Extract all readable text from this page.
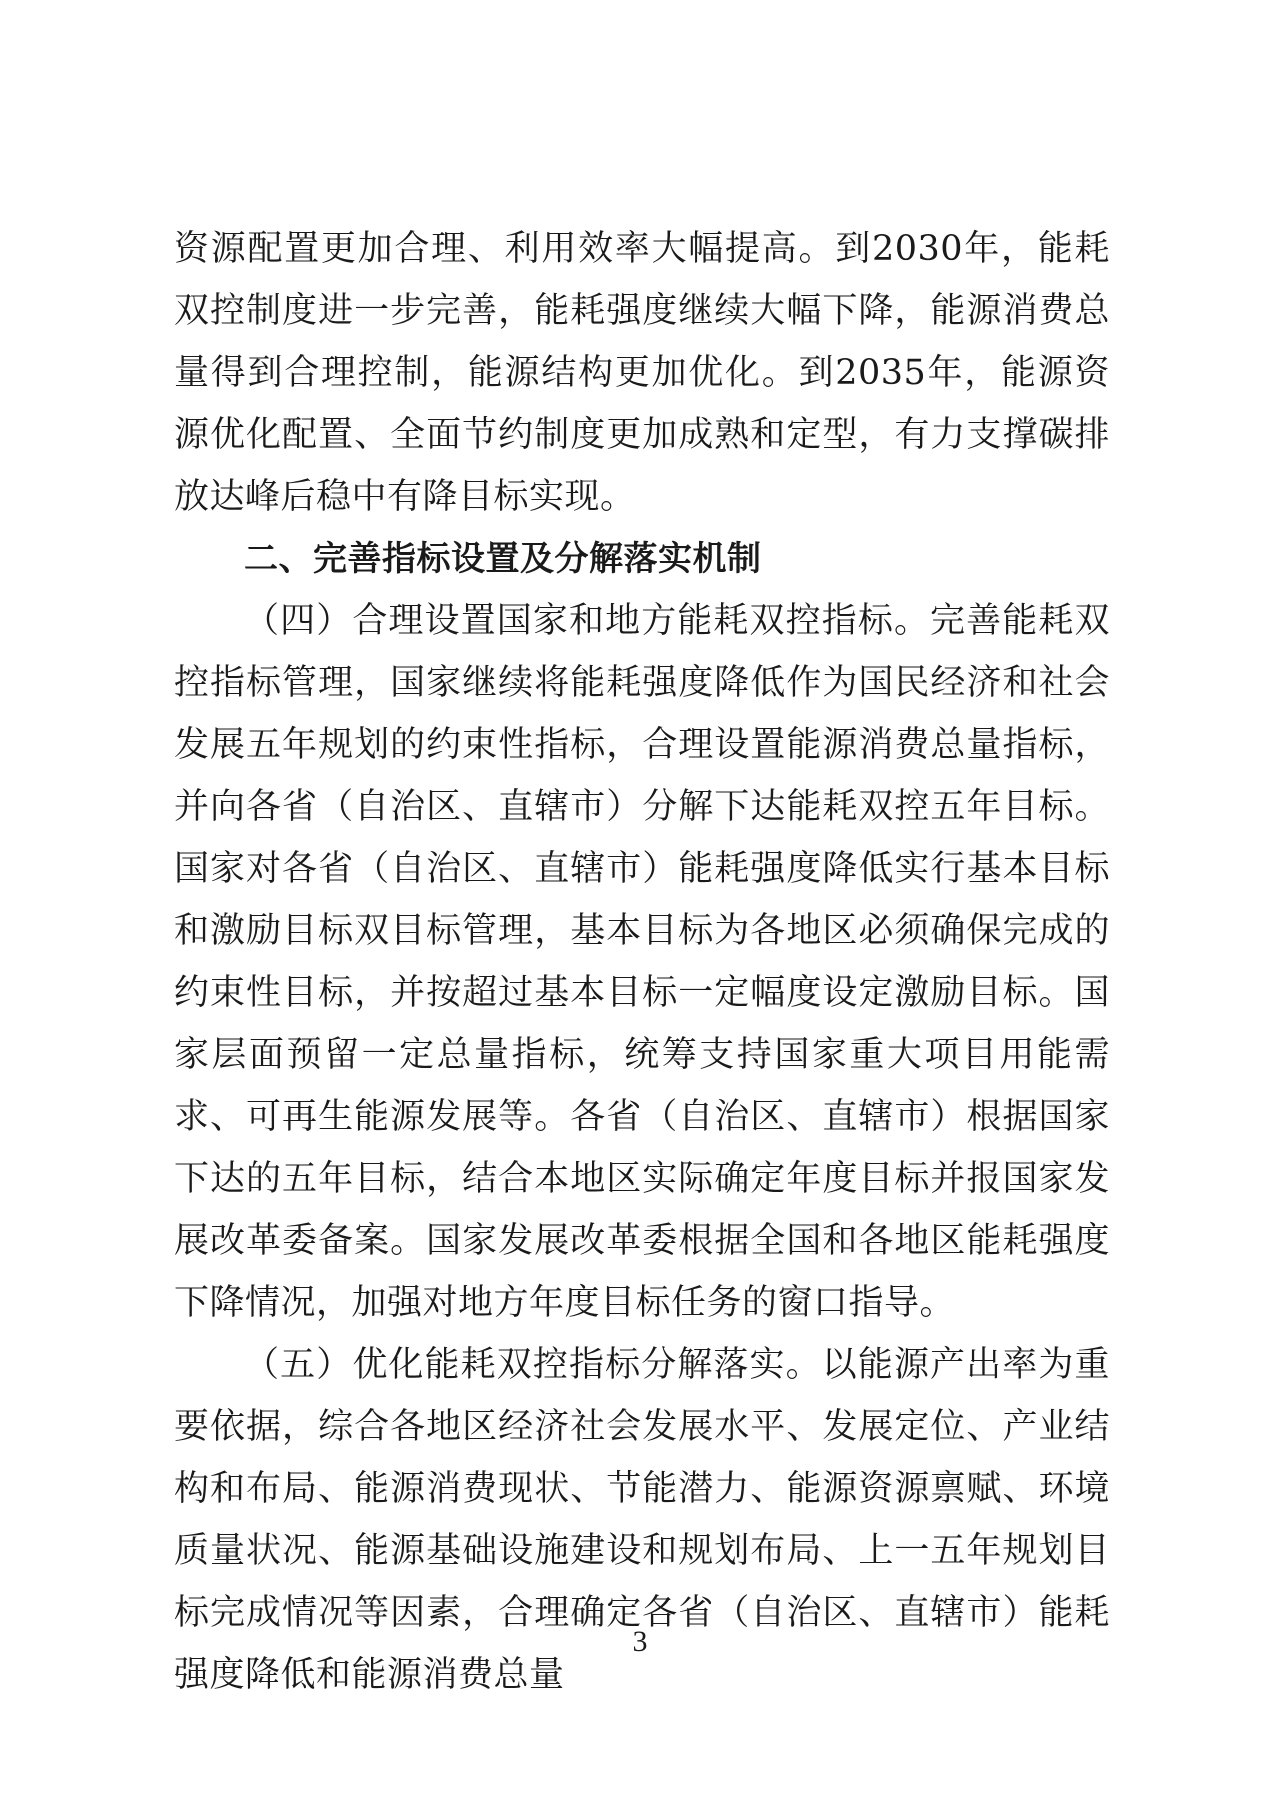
资源配置更加合理、利用效率大幅提高。到2030年，能耗双控制度进一步完善，能耗强度继续大幅下降，能源消费总量得到合理控制，能源结构更加优化。到2035年，能源资源优化配置、全面节约制度更加成熟和定型，有力支撑碳排放达峰后稳中有降目标实现。

二、完善指标设置及分解落实机制

（四）合理设置国家和地方能耗双控指标。完善能耗双控指标管理，国家继续将能耗强度降低作为国民经济和社会发展五年规划的约束性指标，合理设置能源消费总量指标，并向各省（自治区、直辖市）分解下达能耗双控五年目标。国家对各省（自治区、直辖市）能耗强度降低实行基本目标和激励目标双目标管理，基本目标为各地区必须确保完成的约束性目标，并按超过基本目标一定幅度设定激励目标。国家层面预留一定总量指标，统筹支持国家重大项目用能需求、可再生能源发展等。各省（自治区、直辖市）根据国家下达的五年目标，结合本地区实际确定年度目标并报国家发展改革委备案。国家发展改革委根据全国和各地区能耗强度下降情况，加强对地方年度目标任务的窗口指导。

（五）优化能耗双控指标分解落实。以能源产出率为重要依据，综合各地区经济社会发展水平、发展定位、产业结构和布局、能源消费现状、节能潜力、能源资源禀赋、环境质量状况、能源基础设施建设和规划布局、上一五年规划目标完成情况等因素，合理确定各省（自治区、直辖市）能耗强度降低和能源消费总量

3
